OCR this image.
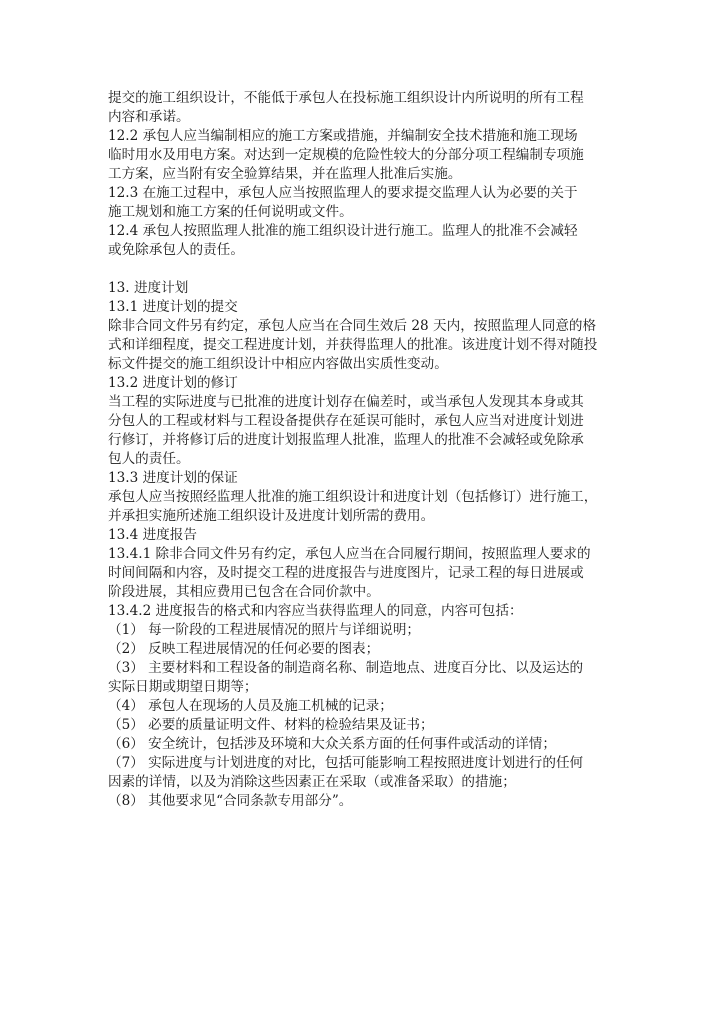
提交的施工组织设计，不能低于承包人在投标施工组织设计内所说明的所有工程
内容和承诺。
12.2 承包人应当编制相应的施工方案或措施，并编制安全技术措施和施工现场
临时用水及用电方案。对达到一定规模的危险性较大的分部分项工程编制专项施
工方案，应当附有安全验算结果，并在监理人批准后实施。
12.3 在施工过程中，承包人应当按照监理人的要求提交监理人认为必要的关于
施工规划和施工方案的任何说明或文件。
12.4 承包人按照监理人批准的施工组织设计进行施工。监理人的批准不会减轻
或免除承包人的责任。
13. 进度计划
13.1 进度计划的提交
除非合同文件另有约定，承包人应当在合同生效后 28 天内，按照监理人同意的格
式和详细程度，提交工程进度计划，并获得监理人的批准。该进度计划不得对随投
标文件提交的施工组织设计中相应内容做出实质性变动。
13.2 进度计划的修订
当工程的实际进度与已批准的进度计划存在偏差时，或当承包人发现其本身或其
分包人的工程或材料与工程设备提供存在延误可能时，承包人应当对进度计划进
行修订，并将修订后的进度计划报监理人批准，监理人的批准不会减轻或免除承
包人的责任。
13.3 进度计划的保证
承包人应当按照经监理人批准的施工组织设计和进度计划（包括修订）进行施工，
并承担实施所述施工组织设计及进度计划所需的费用。
13.4 进度报告
13.4.1 除非合同文件另有约定，承包人应当在合同履行期间，按照监理人要求的
时间间隔和内容，及时提交工程的进度报告与进度图片，记录工程的每日进展或
阶段进展，其相应费用已包含在合同价款中。
13.4.2 进度报告的格式和内容应当获得监理人的同意，内容可包括：
（1） 每一阶段的工程进展情况的照片与详细说明；
（2） 反映工程进展情况的任何必要的图表；
（3） 主要材料和工程设备的制造商名称、制造地点、进度百分比、以及运达的
实际日期或期望日期等；
（4） 承包人在现场的人员及施工机械的记录；
（5） 必要的质量证明文件、材料的检验结果及证书；
（6） 安全统计，包括涉及环境和大众关系方面的任何事件或活动的详情；
（7） 实际进度与计划进度的对比，包括可能影响工程按照进度计划进行的任何
因素的详情，以及为消除这些因素正在采取（或准备采取）的措施；
（8） 其他要求见“合同条款专用部分”。
